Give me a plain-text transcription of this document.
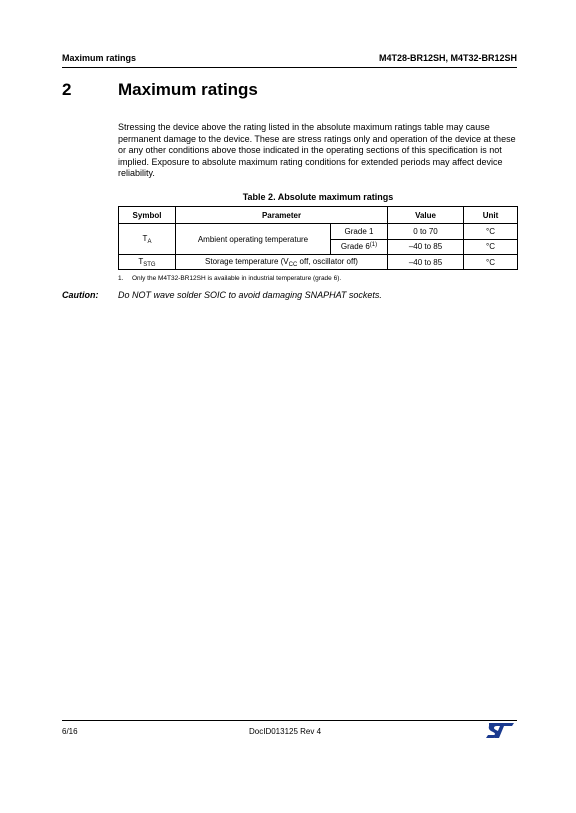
Maximum ratings	M4T28-BR12SH, M4T32-BR12SH
2	Maximum ratings
Stressing the device above the rating listed in the absolute maximum ratings table may cause permanent damage to the device. These are stress ratings only and operation of the device at these or any other conditions above those indicated in the operating sections of this specification is not implied. Exposure to absolute maximum rating conditions for extended periods may affect device reliability.
Table 2. Absolute maximum ratings
Symbol	Parameter		Value	Unit
$T_A$	Ambient operating temperature	Grade 1	0 to 70	°C
		Grade 6$^{(1)}$	–40 to 85	°C
$T_{STG}$	Storage temperature ($V_{CC}$ off, oscillator off)		–40 to 85	°C
1. Only the M4T32-BR12SH is available in industrial temperature (grade 6).
Caution: Do NOT wave solder SOIC to avoid damaging SNAPHAT sockets.
6/16	DocID013125 Rev 4
